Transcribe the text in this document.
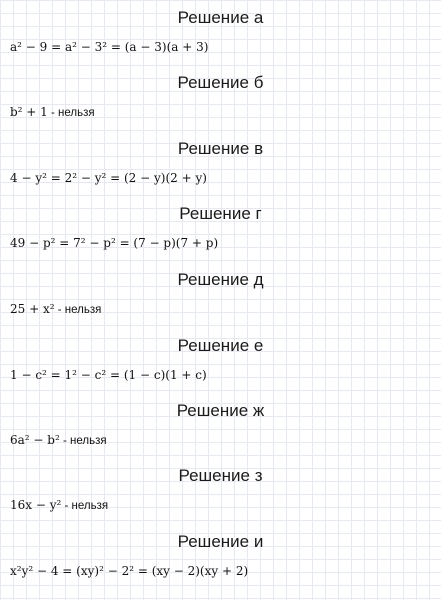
Решение а
a² − 9 = a² − 3² = (a − 3)(a + 3)
Решение б
b² + 1 - нельзя
Решение в
4 − y² = 2² − y² = (2 − y)(2 + y)
Решение г
49 − p² = 7² − p² = (7 − p)(7 + p)
Решение д
25 + x² - нельзя
Решение е
1 − c² = 1² − c² = (1 − c)(1 + c)
Решение ж
6a² − b² - нельзя
Решение з
16x − y² - нельзя
Решение и
x²y² − 4 = (xy)² − 2² = (xy − 2)(xy + 2)
